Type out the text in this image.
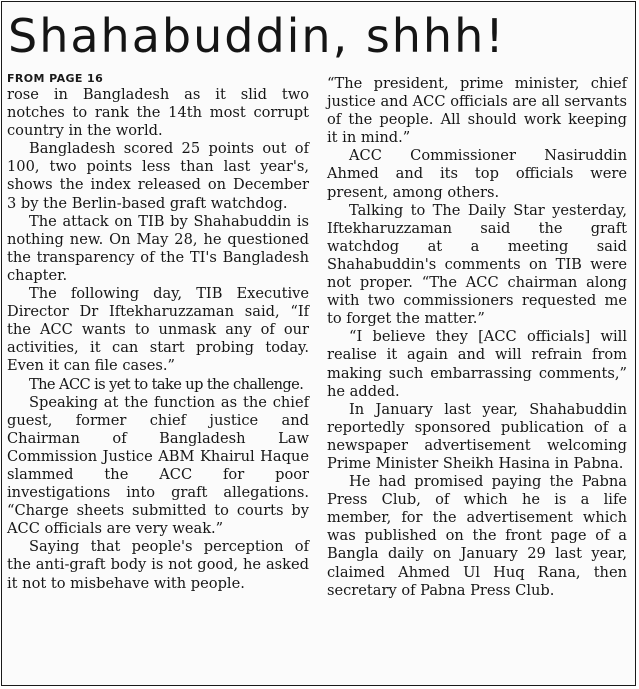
Shahabuddin, shhh!
FROM PAGE 16

rose in Bangladesh as it slid two notches to rank the 14th most corrupt country in the world.

Bangladesh scored 25 points out of 100, two points less than last year's, shows the index released on December 3 by the Berlin-based graft watchdog.

The attack on TIB by Shahabuddin is nothing new. On May 28, he questioned the transparency of the TI's Bangladesh chapter.

The following day, TIB Executive Director Dr Iftekharuzzaman said, “If the ACC wants to unmask any of our activities, it can start probing today. Even it can file cases.”

The ACC is yet to take up the challenge.

Speaking at the function as the chief guest, former chief justice and Chairman of Bangladesh Law Commission Justice ABM Khairul Haque slammed the ACC for poor investigations into graft allegations. “Charge sheets submitted to courts by ACC officials are very weak.”

Saying that people's perception of the anti-graft body is not good, he asked it not to misbehave with people.

“The president, prime minister, chief justice and ACC officials are all servants of the people. All should work keeping it in mind.”

ACC Commissioner Nasiruddin Ahmed and its top officials were present, among others.

Talking to The Daily Star yesterday, Iftekharuzzaman said the graft watchdog at a meeting said Shahabuddin's comments on TIB were not proper. “The ACC chairman along with two commissioners requested me to forget the matter.”

“I believe they [ACC officials] will realise it again and will refrain from making such embarrassing comments,” he added.

In January last year, Shahabuddin reportedly sponsored publication of a newspaper advertisement welcoming Prime Minister Sheikh Hasina in Pabna.

He had promised paying the Pabna Press Club, of which he is a life member, for the advertisement which was published on the front page of a Bangla daily on January 29 last year, claimed Ahmed Ul Huq Rana, then secretary of Pabna Press Club.
